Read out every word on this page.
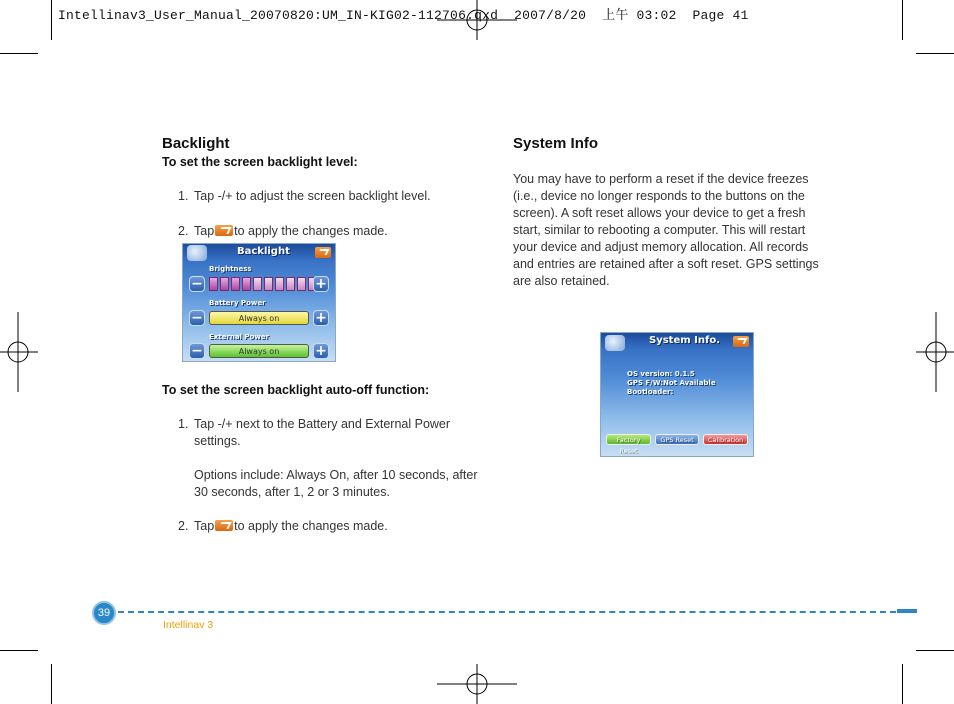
Intellinav3_User_Manual_20070820:UM_IN-KIG02-112706.qxd  2007/8/20  上午 03:02  Page 41
Backlight
To set the screen backlight level:
1. Tap -/+ to adjust the screen backlight level.
2. Tap to apply the changes made.
Backlight
Brightness
−	+
Battery Power
−	Always on	+
External Power
−	Always on	+
To set the screen backlight auto-off function:
1. Tap -/+ next to the Battery and External Power
settings.
Options include: Always On, after 10 seconds, after
30 seconds, after 1, 2 or 3 minutes.
2. Tap to apply the changes made.
System Info
You may have to perform a reset if the device freezes
(i.e., device no longer responds to the buttons on the
screen). A soft reset allows your device to get a fresh
start, similar to rebooting a computer. This will restart
your device and adjust memory allocation. All records
and entries are retained after a soft reset. GPS settings
are also retained.
System Info.
OS version: 0.1.5
GPS F/W:Not Available
Bootloader:
Factory Reset
GPS Reset	Calibration
39
Intellinav 3
